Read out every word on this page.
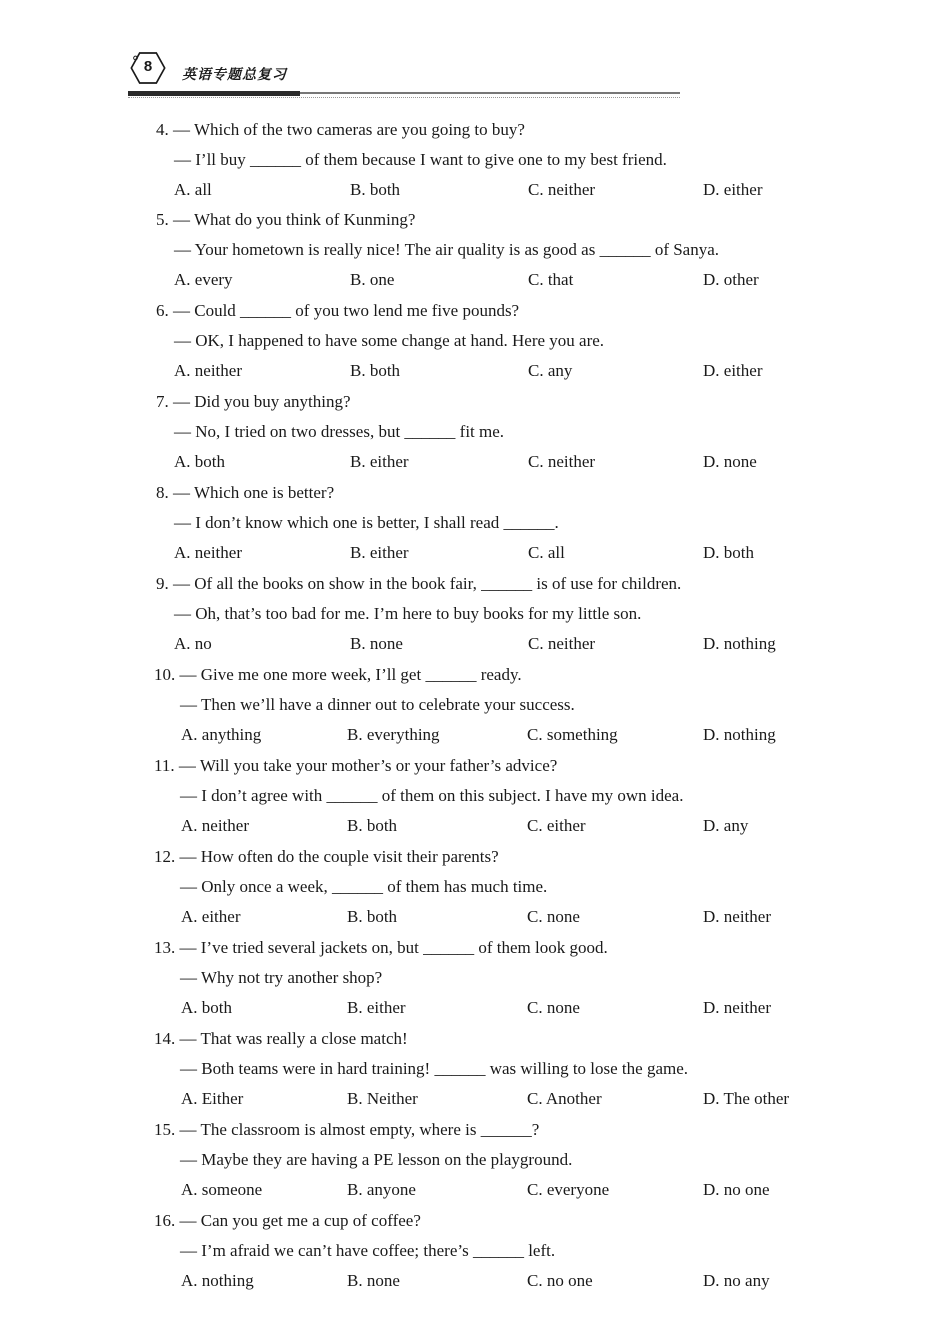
8	英语专题总复习
4. — Which of the two cameras are you going to buy?
— I’ll buy ______ of them because I want to give one to my best friend.
A. all	B. both	C. neither	D. either
5. — What do you think of Kunming?
— Your hometown is really nice! The air quality is as good as ______ of Sanya.
A. every	B. one	C. that	D. other
6. — Could ______ of you two lend me five pounds?
— OK, I happened to have some change at hand. Here you are.
A. neither	B. both	C. any	D. either
7. — Did you buy anything?
— No, I tried on two dresses, but ______ fit me.
A. both	B. either	C. neither	D. none
8. — Which one is better?
— I don’t know which one is better, I shall read ______.
A. neither	B. either	C. all	D. both
9. — Of all the books on show in the book fair, ______ is of use for children.
— Oh, that’s too bad for me. I’m here to buy books for my little son.
A. no	B. none	C. neither	D. nothing
10. — Give me one more week, I’ll get ______ ready.
— Then we’ll have a dinner out to celebrate your success.
A. anything	B. everything	C. something	D. nothing
11. — Will you take your mother’s or your father’s advice?
— I don’t agree with ______ of them on this subject. I have my own idea.
A. neither	B. both	C. either	D. any
12. — How often do the couple visit their parents?
— Only once a week, ______ of them has much time.
A. either	B. both	C. none	D. neither
13. — I’ve tried several jackets on, but ______ of them look good.
— Why not try another shop?
A. both	B. either	C. none	D. neither
14. — That was really a close match!
— Both teams were in hard training! ______ was willing to lose the game.
A. Either	B. Neither	C. Another	D. The other
15. — The classroom is almost empty, where is ______?
— Maybe they are having a PE lesson on the playground.
A. someone	B. anyone	C. everyone	D. no one
16. — Can you get me a cup of coffee?
— I’m afraid we can’t have coffee; there’s ______ left.
A. nothing	B. none	C. no one	D. no any
